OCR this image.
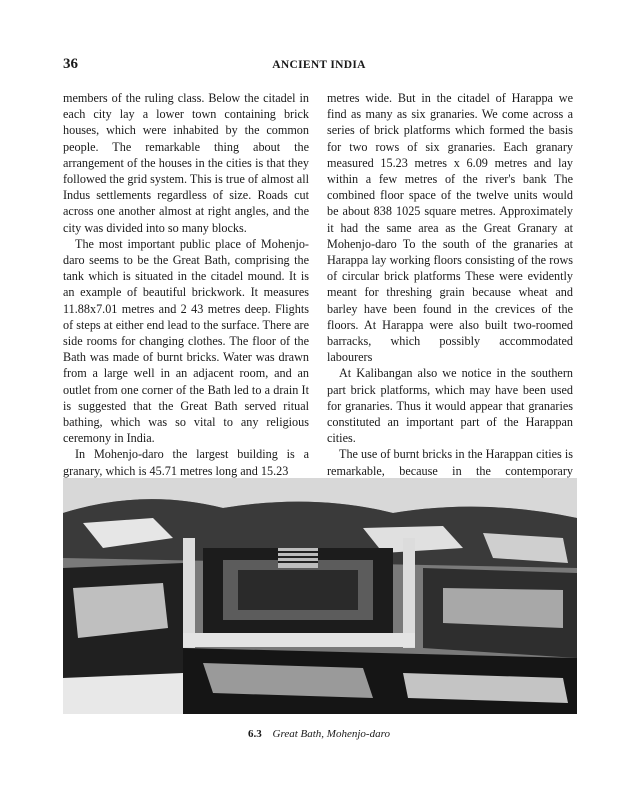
36	ANCIENT INDIA

members of the ruling class. Below the citadel in each city lay a lower town containing brick houses, which were inhabited by the common people. The remarkable thing about the arrangement of the houses in the cities is that they followed the grid system. This is true of almost all Indus settlements regardless of size. Roads cut across one another almost at right angles, and the city was divided into so many blocks.

The most important public place of Mohenjo-daro seems to be the Great Bath, comprising the tank which is situated in the citadel mound. It is an example of beautiful brickwork. It measures 11.88x7.01 metres and 2 43 metres deep. Flights of steps at either end lead to the surface. There are side rooms for changing clothes. The floor of the Bath was made of burnt bricks. Water was drawn from a large well in an adjacent room, and an outlet from one corner of the Bath led to a drain It is suggested that the Great Bath served ritual bathing, which was so vital to any religious ceremony in India.

In Mohenjo-daro the largest building is a granary, which is 45.71 metres long and 15.23

metres wide. But in the citadel of Harappa we find as many as six granaries. We come across a series of brick platforms which formed the basis for two rows of six granaries. Each granary measured 15.23 metres x 6.09 metres and lay within a few metres of the river's bank The combined floor space of the twelve units would be about 838 1025 square metres. Approximately it had the same area as the Great Granary at Mohenjo-daro To the south of the granaries at Harappa lay working floors consisting of the rows of circular brick platforms These were evidently meant for threshing grain because wheat and barley have been found in the crevices of the floors. At Harappa were also built two-roomed barracks, which possibly accommodated labourers

At Kalibangan also we notice in the southern part brick platforms, which may have been used for granaries. Thus it would appear that granaries constituted an important part of the Harappan cities.

The use of burnt bricks in the Harappan cities is remarkable, because in the contemporary

6.3 Great Bath, Mohenjo-daro
